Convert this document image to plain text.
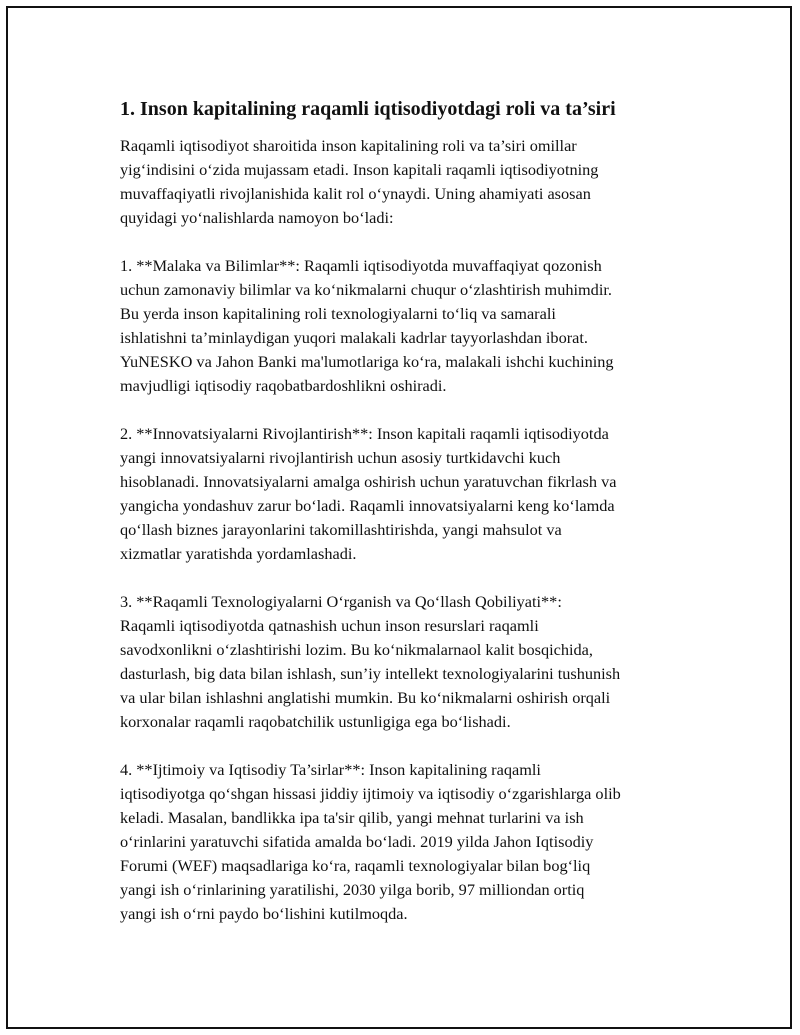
1. Inson kapitalining raqamli iqtisodiyotdagi roli va ta’siri

Raqamli iqtisodiyot sharoitida inson kapitalining roli va ta’siri omillar
yig‘indisini o‘zida mujassam etadi. Inson kapitali raqamli iqtisodiyotning
muvaffaqiyatli rivojlanishida kalit rol o‘ynaydi. Uning ahamiyati asosan
quyidagi yo‘nalishlarda namoyon bo‘ladi:

1. **Malaka va Bilimlar**: Raqamli iqtisodiyotda muvaffaqiyat qozonish
uchun zamonaviy bilimlar va ko‘nikmalarni chuqur o‘zlashtirish muhimdir.
Bu yerda inson kapitalining roli texnologiyalarni to‘liq va samarali
ishlatishni ta’minlaydigan yuqori malakali kadrlar tayyorlashdan iborat.
YuNESKO va Jahon Banki ma'lumotlariga ko‘ra, malakali ishchi kuchining
mavjudligi iqtisodiy raqobatbardoshlikni oshiradi.

2. **Innovatsiyalarni Rivojlantirish**: Inson kapitali raqamli iqtisodiyotda
yangi innovatsiyalarni rivojlantirish uchun asosiy turtkidavchi kuch
hisoblanadi. Innovatsiyalarni amalga oshirish uchun yaratuvchan fikrlash va
yangicha yondashuv zarur bo‘ladi. Raqamli innovatsiyalarni keng ko‘lamda
qo‘llash biznes jarayonlarini takomillashtirishda, yangi mahsulot va
xizmatlar yaratishda yordamlashadi.

3. **Raqamli Texnologiyalarni O‘rganish va Qo‘llash Qobiliyati**:
Raqamli iqtisodiyotda qatnashish uchun inson resurslari raqamli
savodxonlikni o‘zlashtirishi lozim. Bu ko‘nikmalarnaol kalit bosqichida,
dasturlash, big data bilan ishlash, sun’iy intellekt texnologiyalarini tushunish
va ular bilan ishlashni anglatishi mumkin. Bu ko‘nikmalarni oshirish orqali
korxonalar raqamli raqobatchilik ustunligiga ega bo‘lishadi.

4. **Ijtimoiy va Iqtisodiy Ta’sirlar**: Inson kapitalining raqamli
iqtisodiyotga qo‘shgan hissasi jiddiy ijtimoiy va iqtisodiy o‘zgarishlarga olib
keladi. Masalan, bandlikka ipa ta'sir qilib, yangi mehnat turlarini va ish
o‘rinlarini yaratuvchi sifatida amalda bo‘ladi. 2019 yilda Jahon Iqtisodiy
Forumi (WEF) maqsadlariga ko‘ra, raqamli texnologiyalar bilan bog‘liq
yangi ish o‘rinlarining yaratilishi, 2030 yilga borib, 97 milliondan ortiq
yangi ish o‘rni paydo bo‘lishini kutilmoqda.
